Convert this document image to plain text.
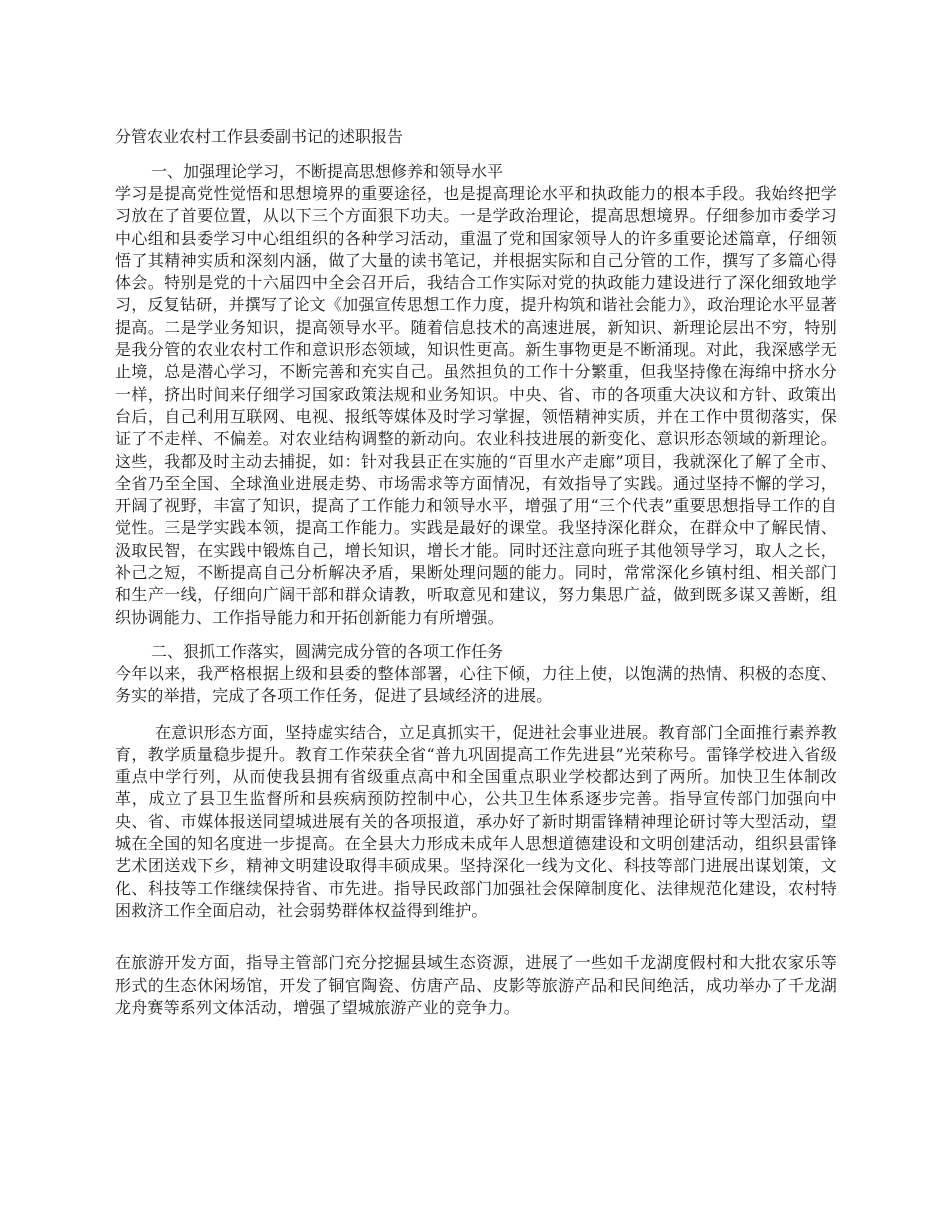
分管农业农村工作县委副书记的述职报告
一、加强理论学习，不断提高思想修养和领导水平
学习是提高党性觉悟和思想境界的重要途径，也是提高理论水平和执政能力的根本手段。我始终把学习放在了首要位置，从以下三个方面狠下功夫。一是学政治理论，提高思想境界。仔细参加市委学习中心组和县委学习中心组组织的各种学习活动，重温了党和国家领导人的许多重要论述篇章，仔细领悟了其精神实质和深刻内涵，做了大量的读书笔记，并根据实际和自己分管的工作，撰写了多篇心得体会。特别是党的十六届四中全会召开后，我结合工作实际对党的执政能力建设进行了深化细致地学习，反复钻研，并撰写了论文《加强宣传思想工作力度，提升构筑和谐社会能力》，政治理论水平显著提高。二是学业务知识，提高领导水平。随着信息技术的高速进展，新知识、新理论层出不穷，特别是我分管的农业农村工作和意识形态领域，知识性更高。新生事物更是不断涌现。对此，我深感学无止境，总是潜心学习，不断完善和充实自己。虽然担负的工作十分繁重，但我坚持像在海绵中挤水分一样，挤出时间来仔细学习国家政策法规和业务知识。中央、省、市的各项重大决议和方针、政策出台后，自己利用互联网、电视、报纸等媒体及时学习掌握，领悟精神实质，并在工作中贯彻落实，保证了不走样、不偏差。对农业结构调整的新动向。农业科技进展的新变化、意识形态领域的新理论。这些，我都及时主动去捕捉，如：针对我县正在实施的“百里水产走廊”项目，我就深化了解了全市、全省乃至全国、全球渔业进展走势、市场需求等方面情况，有效指导了实践。通过坚持不懈的学习，开阔了视野，丰富了知识，提高了工作能力和领导水平，增强了用“三个代表”重要思想指导工作的自觉性。三是学实践本领，提高工作能力。实践是最好的课堂。我坚持深化群众，在群众中了解民情、汲取民智，在实践中锻炼自己，增长知识，增长才能。同时还注意向班子其他领导学习，取人之长，补己之短，不断提高自己分析解决矛盾，果断处理问题的能力。同时，常常深化乡镇村组、相关部门和生产一线，仔细向广阔干部和群众请教，听取意见和建议，努力集思广益，做到既多谋又善断，组织协调能力、工作指导能力和开拓创新能力有所增强。
二、狠抓工作落实，圆满完成分管的各项工作任务
今年以来，我严格根据上级和县委的整体部署，心往下倾，力往上使，以饱满的热情、积极的态度、务实的举措，完成了各项工作任务，促进了县域经济的进展。
在意识形态方面，坚持虚实结合，立足真抓实干，促进社会事业进展。教育部门全面推行素养教育，教学质量稳步提升。教育工作荣获全省“普九巩固提高工作先进县”光荣称号。雷锋学校进入省级重点中学行列，从而使我县拥有省级重点高中和全国重点职业学校都达到了两所。加快卫生体制改革，成立了县卫生监督所和县疾病预防控制中心，公共卫生体系逐步完善。指导宣传部门加强向中央、省、市媒体报送同望城进展有关的各项报道，承办好了新时期雷锋精神理论研讨等大型活动，望城在全国的知名度进一步提高。在全县大力形成未成年人思想道德建设和文明创建活动，组织县雷锋艺术团送戏下乡，精神文明建设取得丰硕成果。坚持深化一线为文化、科技等部门进展出谋划策，文化、科技等工作继续保持省、市先进。指导民政部门加强社会保障制度化、法律规范化建设，农村特困救济工作全面启动，社会弱势群体权益得到维护。
在旅游开发方面，指导主管部门充分挖掘县域生态资源，进展了一些如千龙湖度假村和大批农家乐等形式的生态休闲场馆，开发了铜官陶瓷、仿唐产品、皮影等旅游产品和民间绝活，成功举办了千龙湖龙舟赛等系列文体活动，增强了望城旅游产业的竞争力。
